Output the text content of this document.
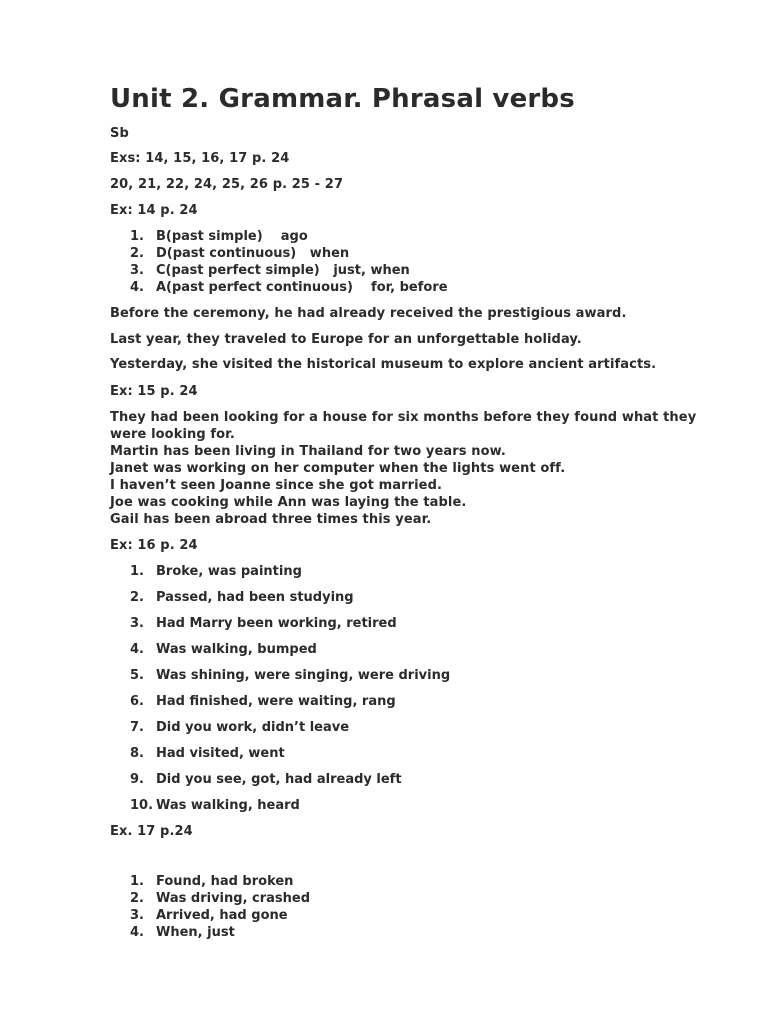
Unit 2. Grammar. Phrasal verbs
Sb
Exs: 14, 15, 16, 17 p. 24
20, 21, 22, 24, 25, 26 p. 25 - 27
Ex: 14 p. 24
1. B(past simple)    ago
2. D(past continuous)   when
3. C(past perfect simple)   just, when
4. A(past perfect continuous)    for, before
Before the ceremony, he had already received the prestigious award.
Last year, they traveled to Europe for an unforgettable holiday.
Yesterday, she visited the historical museum to explore ancient artifacts.
Ex: 15 p. 24
They had been looking for a house for six months before they found what they
were looking for.
Martin has been living in Thailand for two years now.
Janet was working on her computer when the lights went off.
I haven’t seen Joanne since she got married.
Joe was cooking while Ann was laying the table.
Gail has been abroad three times this year.
Ex: 16 p. 24
1. Broke, was painting
2. Passed, had been studying
3. Had Marry been working, retired
4. Was walking, bumped
5. Was shining, were singing, were driving
6. Had finished, were waiting, rang
7. Did you work, didn’t leave
8. Had visited, went
9. Did you see, got, had already left
10. Was walking, heard
Ex. 17 p.24
1. Found, had broken
2. Was driving, crashed
3. Arrived, had gone
4. When, just
